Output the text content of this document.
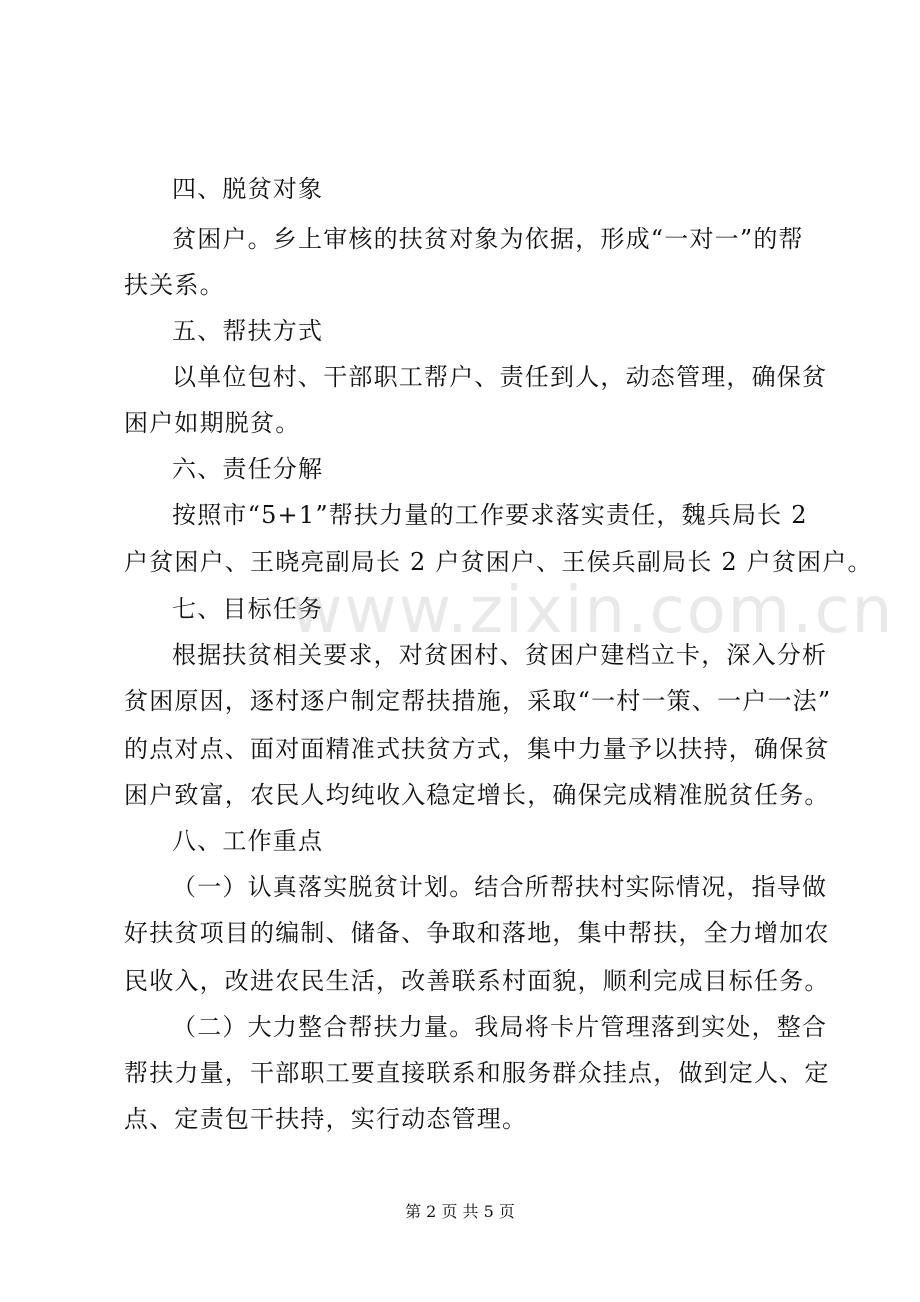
四、脱贫对象
贫困户。乡上审核的扶贫对象为依据，形成“一对一”的帮
扶关系。
五、帮扶方式
以单位包村、干部职工帮户、责任到人，动态管理，确保贫
困户如期脱贫。
六、责任分解
按照市“5+1”帮扶力量的工作要求落实责任，魏兵局长 2
户贫困户、王晓亮副局长 2 户贫困户、王侯兵副局长 2 户贫困户。
七、目标任务
根据扶贫相关要求，对贫困村、贫困户建档立卡，深入分析
贫困原因，逐村逐户制定帮扶措施，采取“一村一策、一户一法”
的点对点、面对面精准式扶贫方式，集中力量予以扶持，确保贫
困户致富，农民人均纯收入稳定增长，确保完成精准脱贫任务。
八、工作重点
（一）认真落实脱贫计划。结合所帮扶村实际情况，指导做
好扶贫项目的编制、储备、争取和落地，集中帮扶，全力增加农
民收入，改进农民生活，改善联系村面貌，顺利完成目标任务。
（二）大力整合帮扶力量。我局将卡片管理落到实处，整合
帮扶力量，干部职工要直接联系和服务群众挂点，做到定人、定
点、定责包干扶持，实行动态管理。
www.zixin.com.cn
第 2 页 共 5 页
